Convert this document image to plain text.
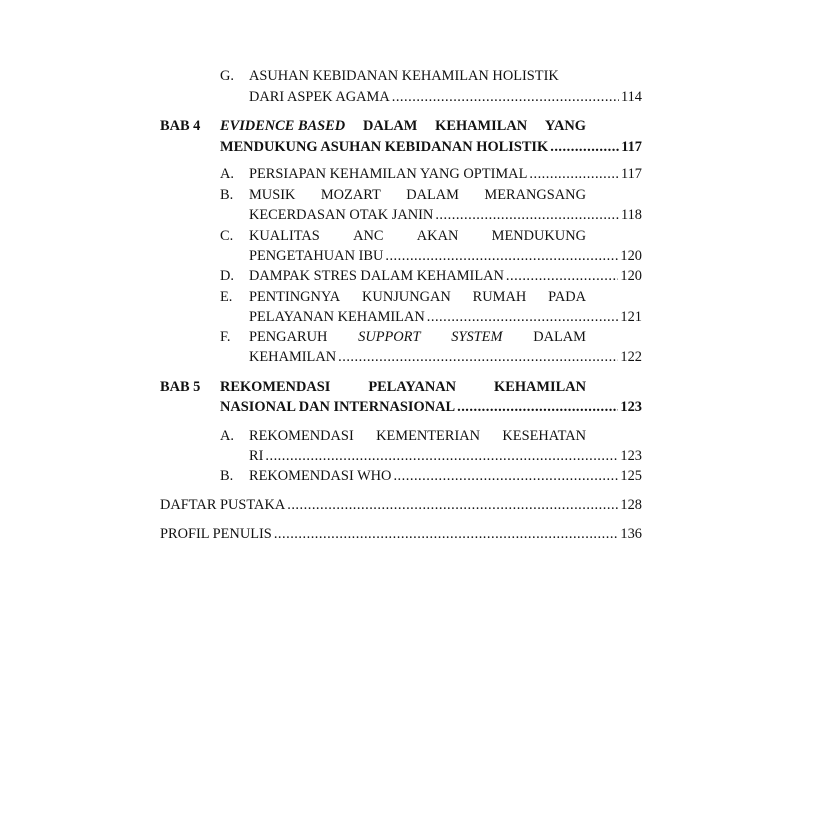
G. ASUHAN KEBIDANAN KEHAMILAN HOLISTIK
DARI ASPEK AGAMA .....	114
BAB 4 EVIDENCE BASED DALAM KEHAMILAN YANG
MENDUKUNG ASUHAN KEBIDANAN HOLISTIK .....	117
A. PERSIAPAN KEHAMILAN YANG OPTIMAL .....	117
B. MUSIK MOZART DALAM MERANGSANG
KECERDASAN OTAK JANIN .....	118
C. KUALITAS ANC AKAN MENDUKUNG
PENGETAHUAN IBU .....	120
D. DAMPAK STRES DALAM KEHAMILAN .....	120
E. PENTINGNYA KUNJUNGAN RUMAH PADA
PELAYANAN KEHAMILAN .....	121
F. PENGARUH SUPPORT SYSTEM DALAM
KEHAMILAN .....	122
BAB 5 REKOMENDASI	PELAYANAN	KEHAMILAN
NASIONAL DAN INTERNASIONAL .....	123
A. REKOMENDASI KEMENTERIAN KESEHATAN
RI .....	123
B. REKOMENDASI WHO .....	125
DAFTAR PUSTAKA .....	128
PROFIL PENULIS .....	136
